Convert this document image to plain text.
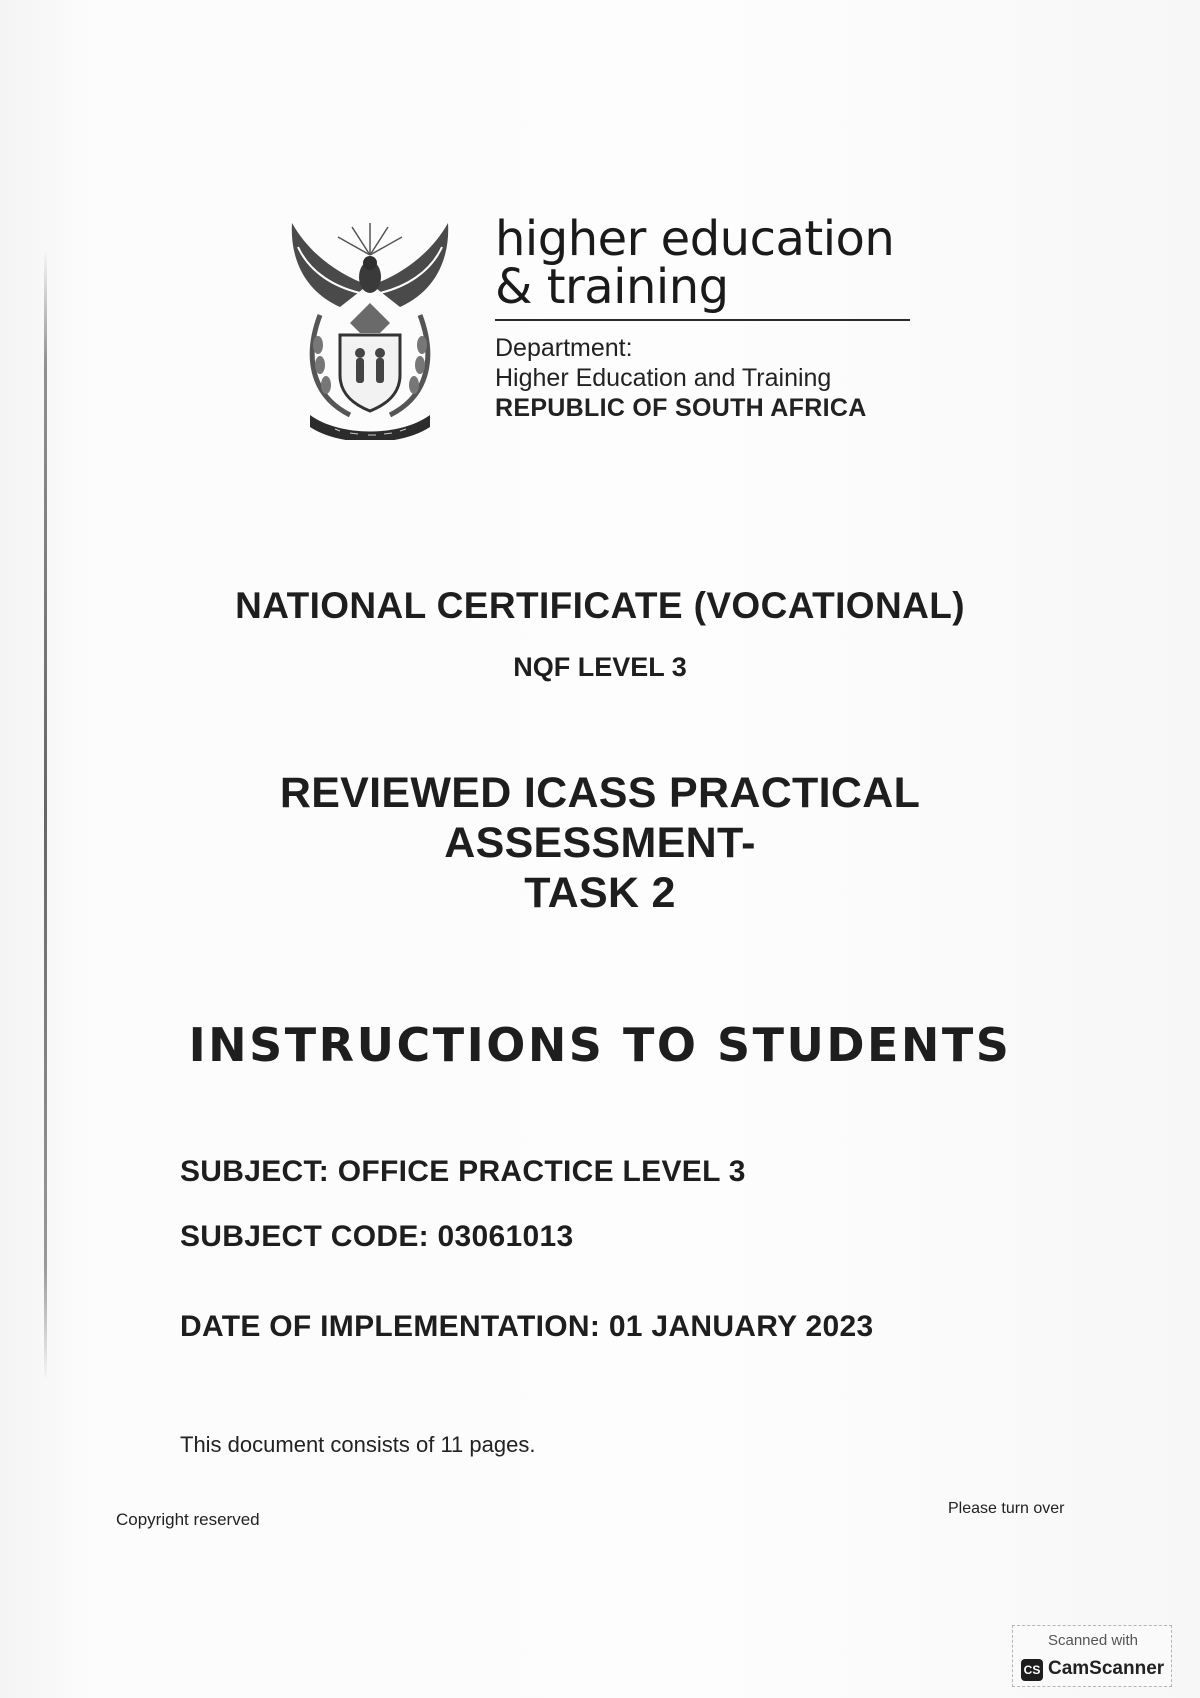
higher education

& training

Department:

Higher Education and Training

REPUBLIC OF SOUTH AFRICA

NATIONAL CERTIFICATE (VOCATIONAL)

NQF LEVEL 3

REVIEWED ICASS PRACTICAL
ASSESSMENT-
TASK 2

INSTRUCTIONS TO STUDENTS

SUBJECT: OFFICE PRACTICE LEVEL 3

SUBJECT CODE: 03061013

DATE OF IMPLEMENTATION: 01 JANUARY 2023

This document consists of 11 pages.

Copyright reserved

Please turn over

Scanned with

CS CamScanner
